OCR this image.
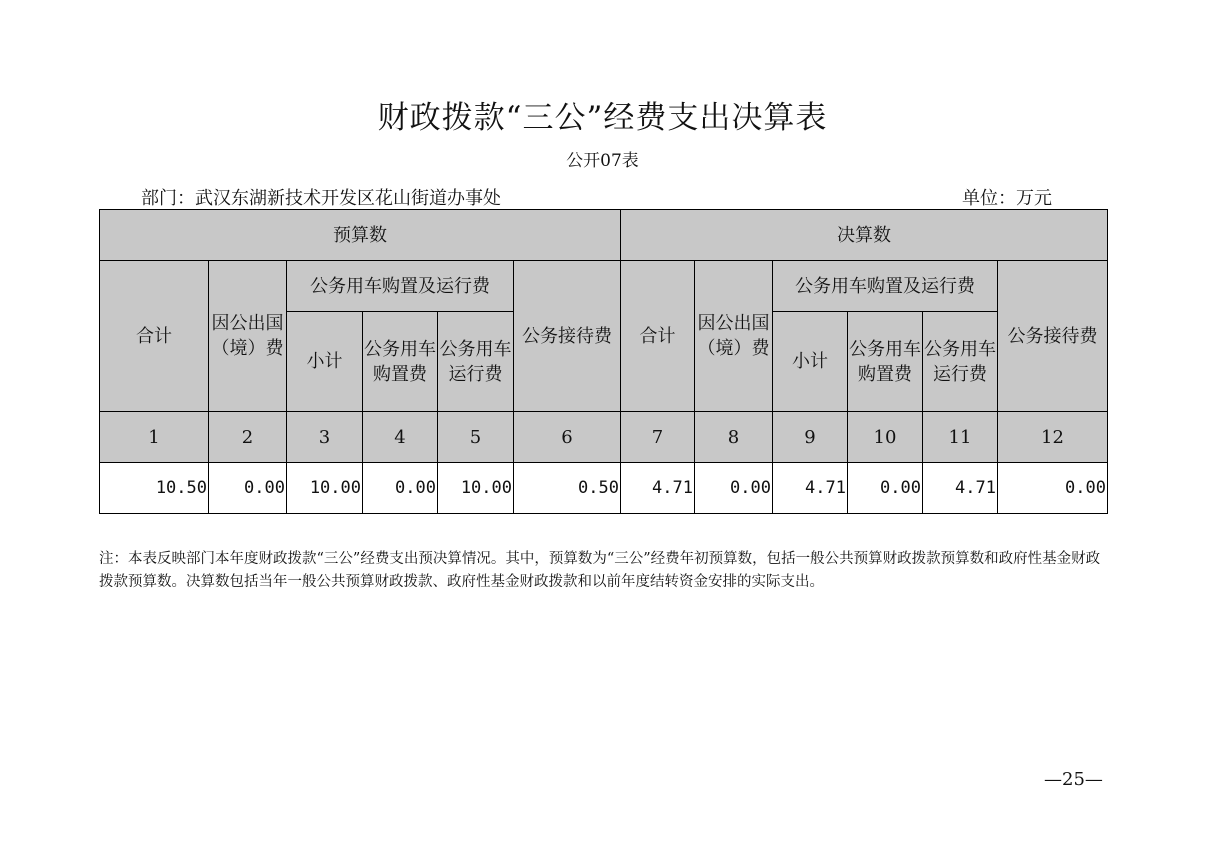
财政拨款“三公”经费支出决算表
公开07表
部门：武汉东湖新技术开发区花山街道办事处	单位：万元
预算数						决算数					
合计	因公出国（境）费	公务用车购置及运行费			公务接待费	合计	因公出国（境）费	公务用车购置及运行费			公务接待费
		小计	公务用车购置费	公务用车运行费				小计	公务用车购置费	公务用车运行费	
1	2	3	4	5	6	7	8	9	10	11	12
10.50	0.00	10.00	0.00	10.00	0.50	4.71	0.00	4.71	0.00	4.71	0.00
注：本表反映部门本年度财政拨款“三公”经费支出预决算情况。其中，预算数为“三公”经费年初预算数，包括一般公共预算财政拨款预算数和政府性基金财政拨款预算数。决算数包括当年一般公共预算财政拨款、政府性基金财政拨款和以前年度结转资金安排的实际支出。
—25—
